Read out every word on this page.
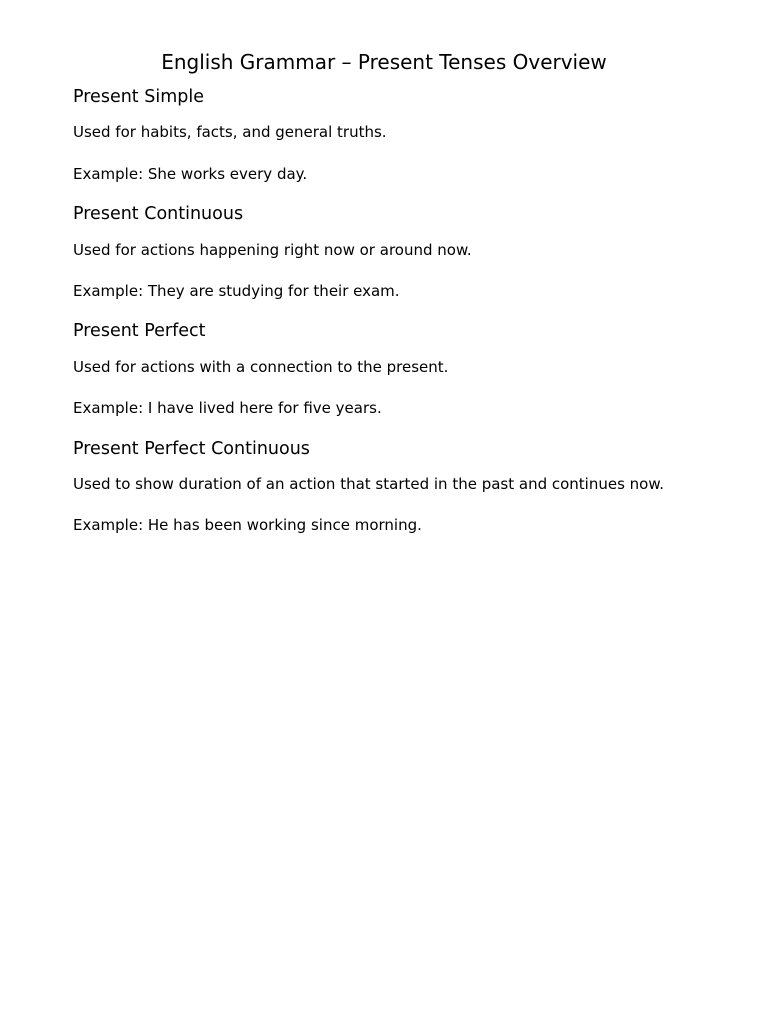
English Grammar – Present Tenses Overview
Present Simple

Used for habits, facts, and general truths.

Example: She works every day.

Present Continuous

Used for actions happening right now or around now.

Example: They are studying for their exam.

Present Perfect

Used for actions with a connection to the present.

Example: I have lived here for five years.

Present Perfect Continuous

Used to show duration of an action that started in the past and continues now.

Example: He has been working since morning.
